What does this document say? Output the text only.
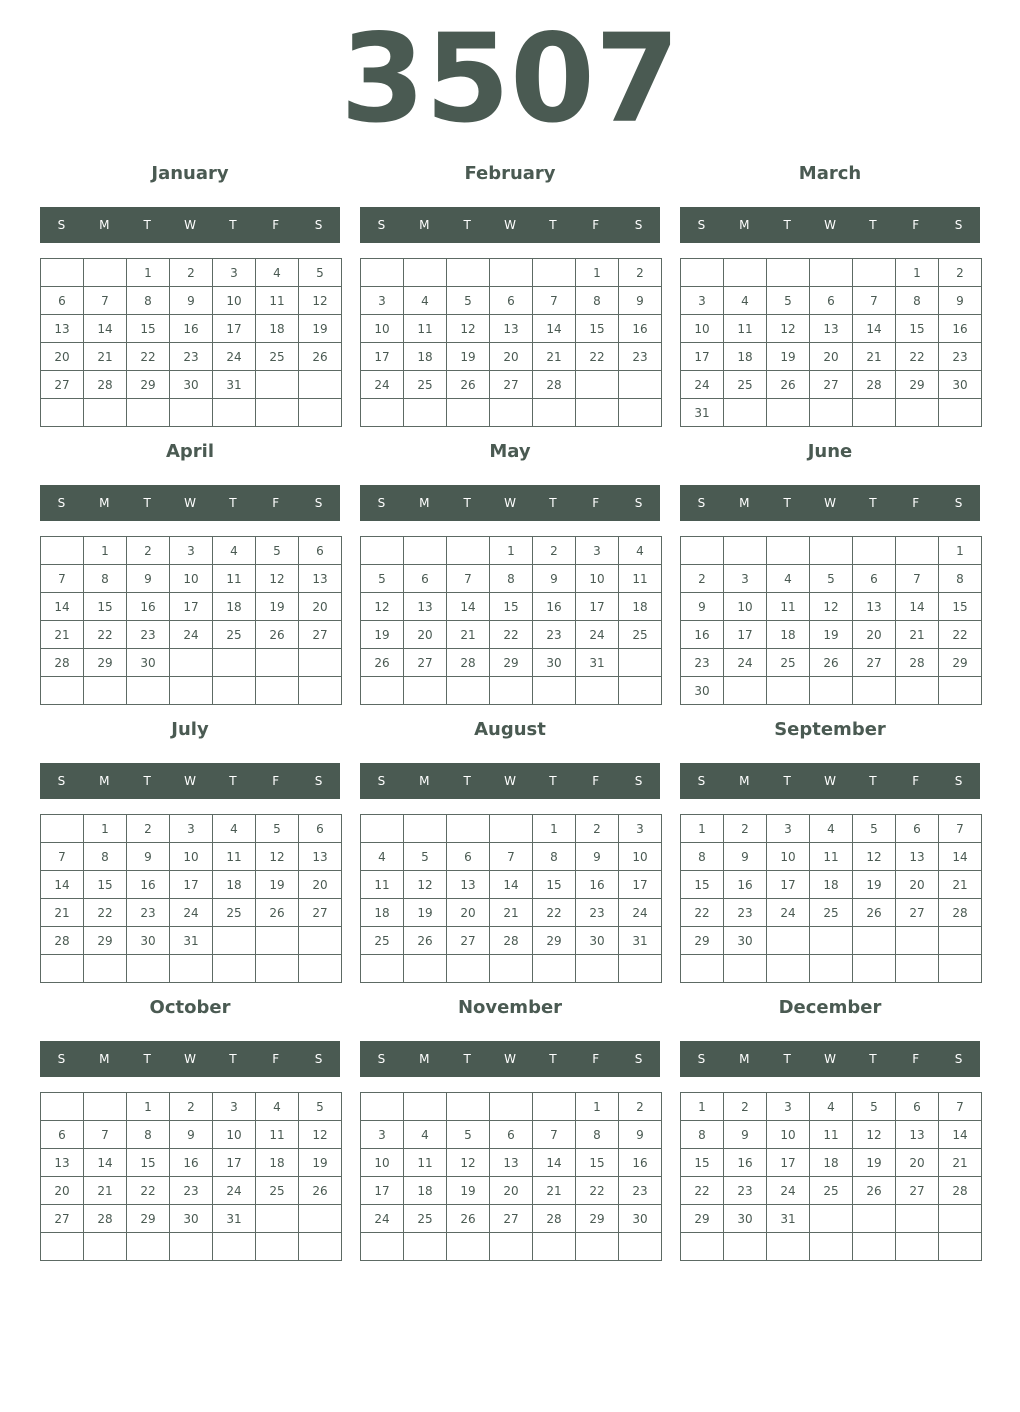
3507
January
S	M	T	W	T	F	S
		1	2	3	4	5
6	7	8	9	10	11	12
13	14	15	16	17	18	19
20	21	22	23	24	25	26
27	28	29	30	31		

February
S	M	T	W	T	F	S
					1	2
3	4	5	6	7	8	9
10	11	12	13	14	15	16
17	18	19	20	21	22	23
24	25	26	27	28		

March
S	M	T	W	T	F	S
					1	2
3	4	5	6	7	8	9
10	11	12	13	14	15	16
17	18	19	20	21	22	23
24	25	26	27	28	29	30
31						
April
S	M	T	W	T	F	S
	1	2	3	4	5	6
7	8	9	10	11	12	13
14	15	16	17	18	19	20
21	22	23	24	25	26	27
28	29	30				

May
S	M	T	W	T	F	S
			1	2	3	4
5	6	7	8	9	10	11
12	13	14	15	16	17	18
19	20	21	22	23	24	25
26	27	28	29	30	31	

June
S	M	T	W	T	F	S
						1
2	3	4	5	6	7	8
9	10	11	12	13	14	15
16	17	18	19	20	21	22
23	24	25	26	27	28	29
30						
July
S	M	T	W	T	F	S
	1	2	3	4	5	6
7	8	9	10	11	12	13
14	15	16	17	18	19	20
21	22	23	24	25	26	27
28	29	30	31			

August
S	M	T	W	T	F	S
				1	2	3
4	5	6	7	8	9	10
11	12	13	14	15	16	17
18	19	20	21	22	23	24
25	26	27	28	29	30	31

September
S	M	T	W	T	F	S
1	2	3	4	5	6	7
8	9	10	11	12	13	14
15	16	17	18	19	20	21
22	23	24	25	26	27	28
29	30					

October
S	M	T	W	T	F	S
		1	2	3	4	5
6	7	8	9	10	11	12
13	14	15	16	17	18	19
20	21	22	23	24	25	26
27	28	29	30	31		

November
S	M	T	W	T	F	S
					1	2
3	4	5	6	7	8	9
10	11	12	13	14	15	16
17	18	19	20	21	22	23
24	25	26	27	28	29	30

December
S	M	T	W	T	F	S
1	2	3	4	5	6	7
8	9	10	11	12	13	14
15	16	17	18	19	20	21
22	23	24	25	26	27	28
29	30	31				
